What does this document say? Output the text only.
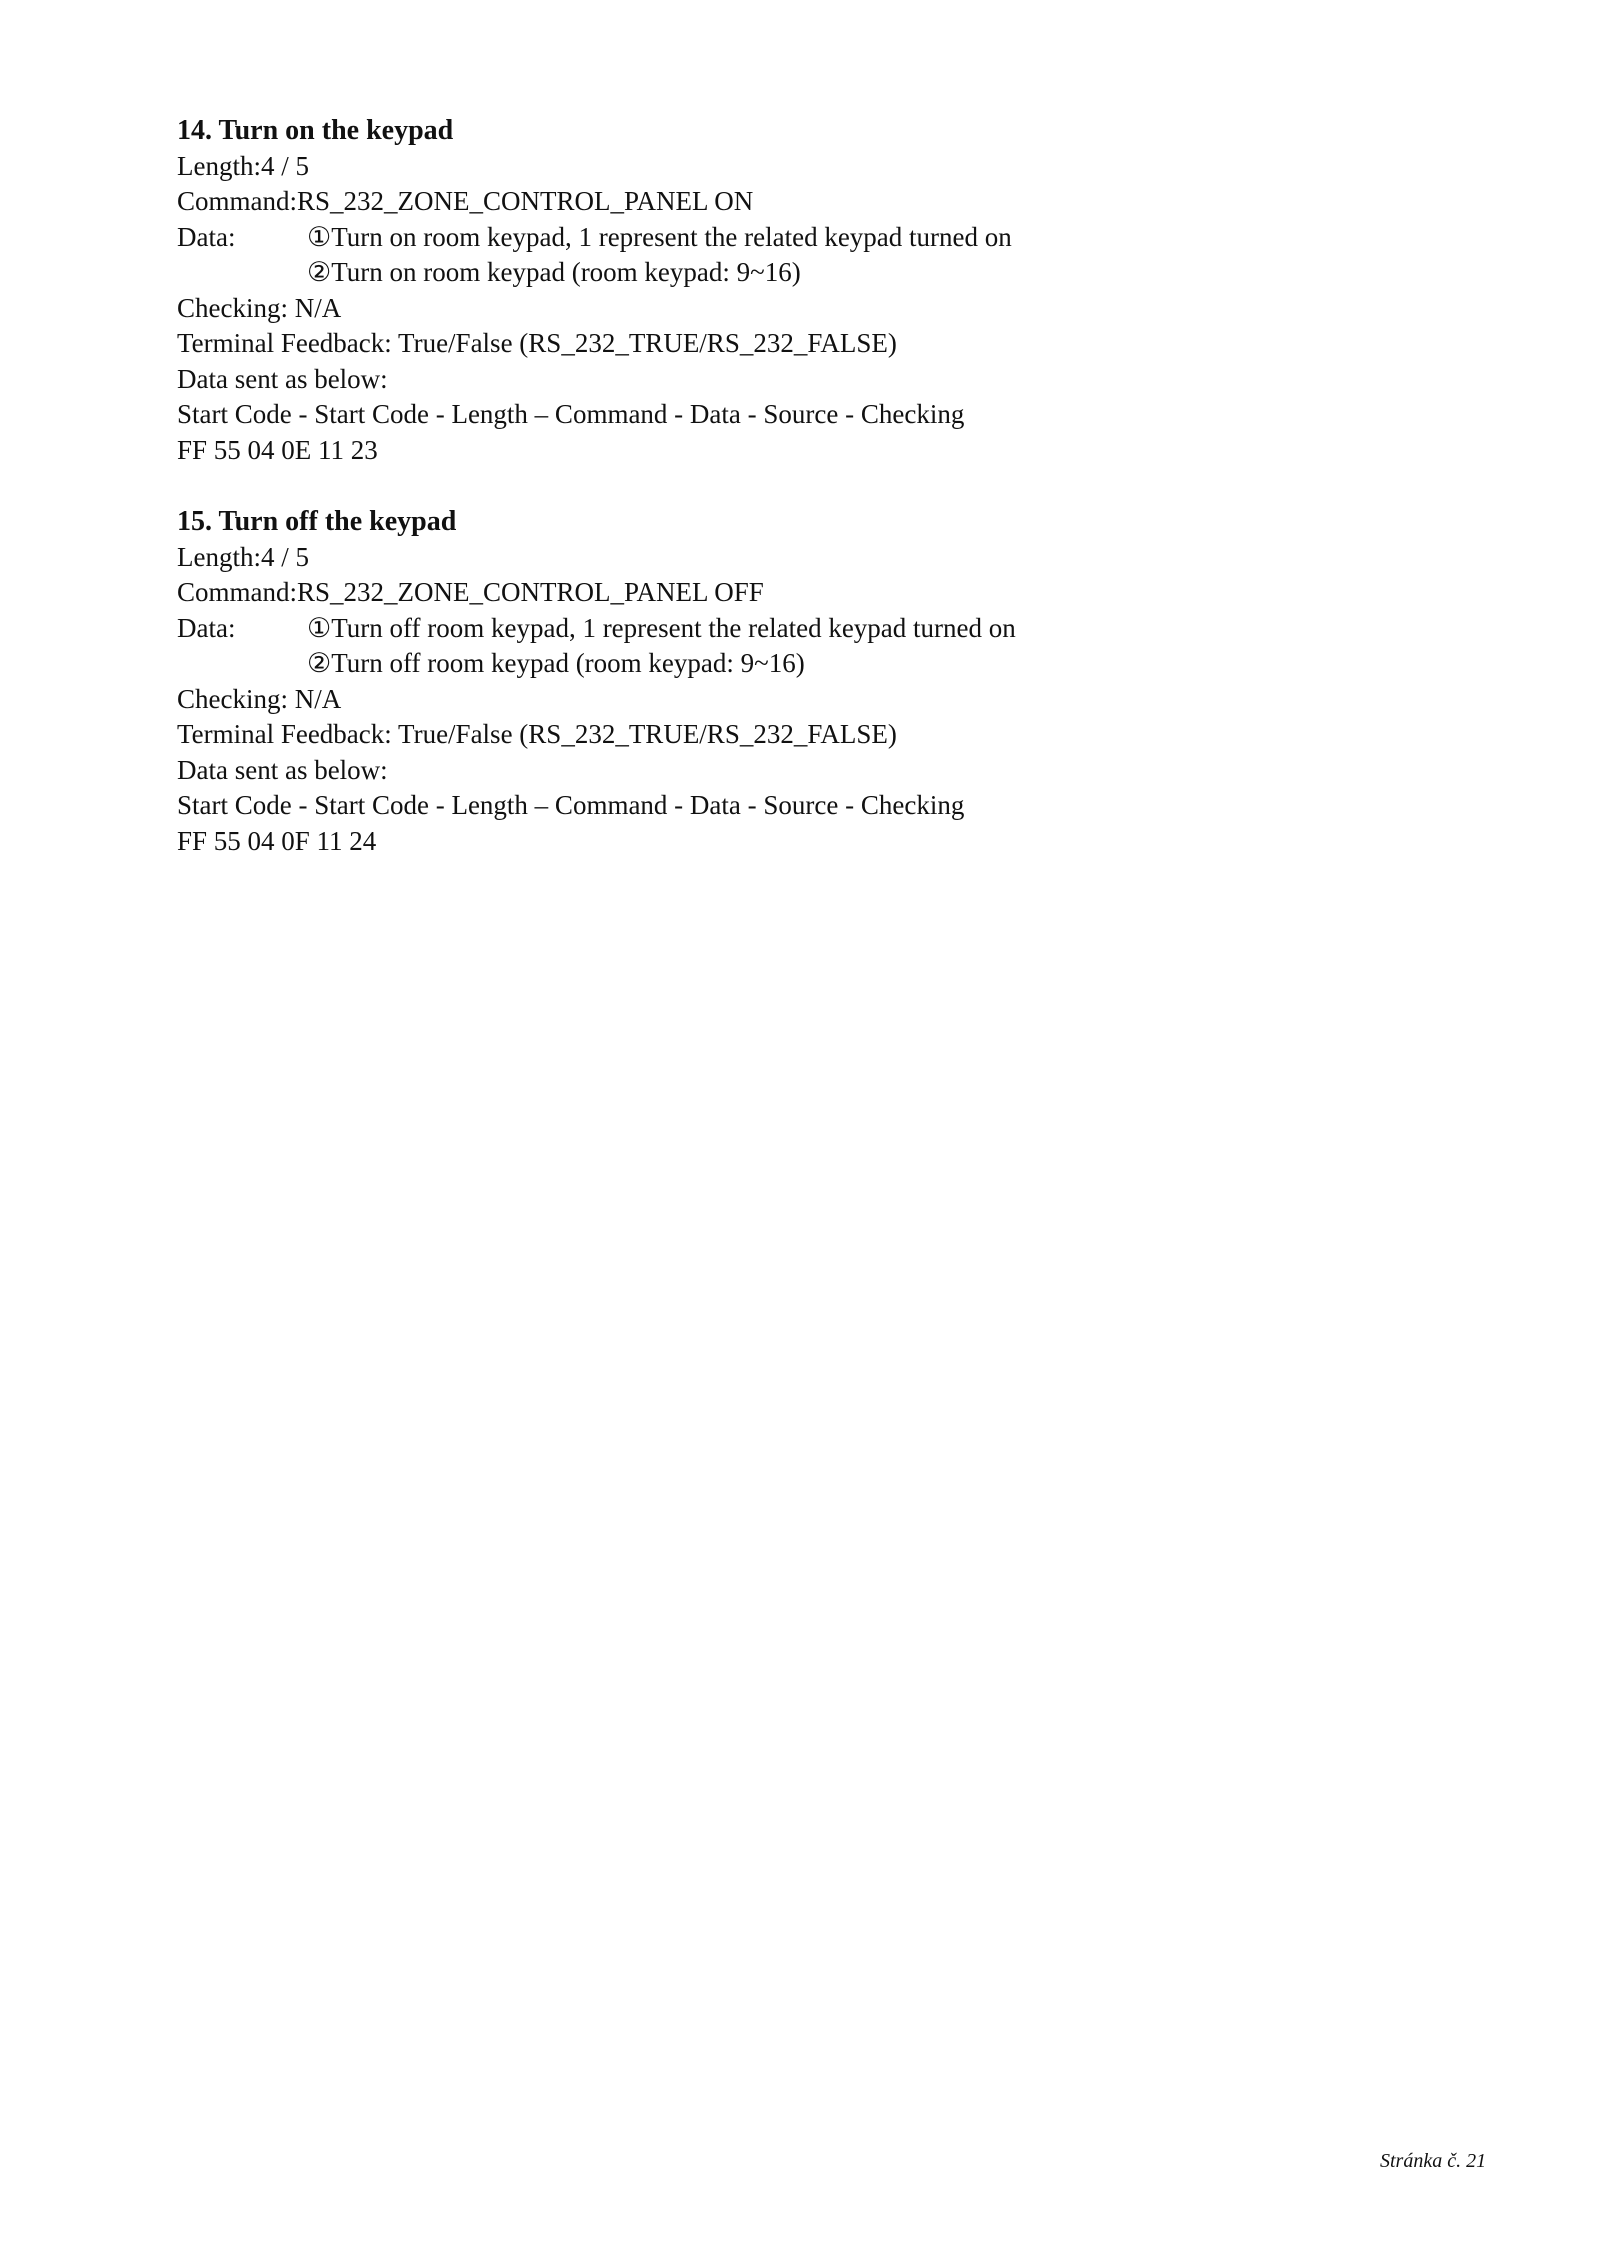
14. Turn on the keypad
Length:4 / 5
Command:RS_232_ZONE_CONTROL_PANEL ON
Data:	①Turn on room keypad, 1 represent the related keypad turned on
②Turn on room keypad (room keypad: 9~16)
Checking: N/A
Terminal Feedback: True/False (RS_232_TRUE/RS_232_FALSE)
Data sent as below:
Start Code - Start Code - Length – Command - Data - Source - Checking
FF 55 04 0E 11 23
15. Turn off the keypad
Length:4 / 5
Command:RS_232_ZONE_CONTROL_PANEL OFF
Data:	①Turn off room keypad, 1 represent the related keypad turned on
②Turn off room keypad (room keypad: 9~16)
Checking: N/A
Terminal Feedback: True/False (RS_232_TRUE/RS_232_FALSE)
Data sent as below:
Start Code - Start Code - Length – Command - Data - Source - Checking
FF 55 04 0F 11 24
Stránka č. 21
